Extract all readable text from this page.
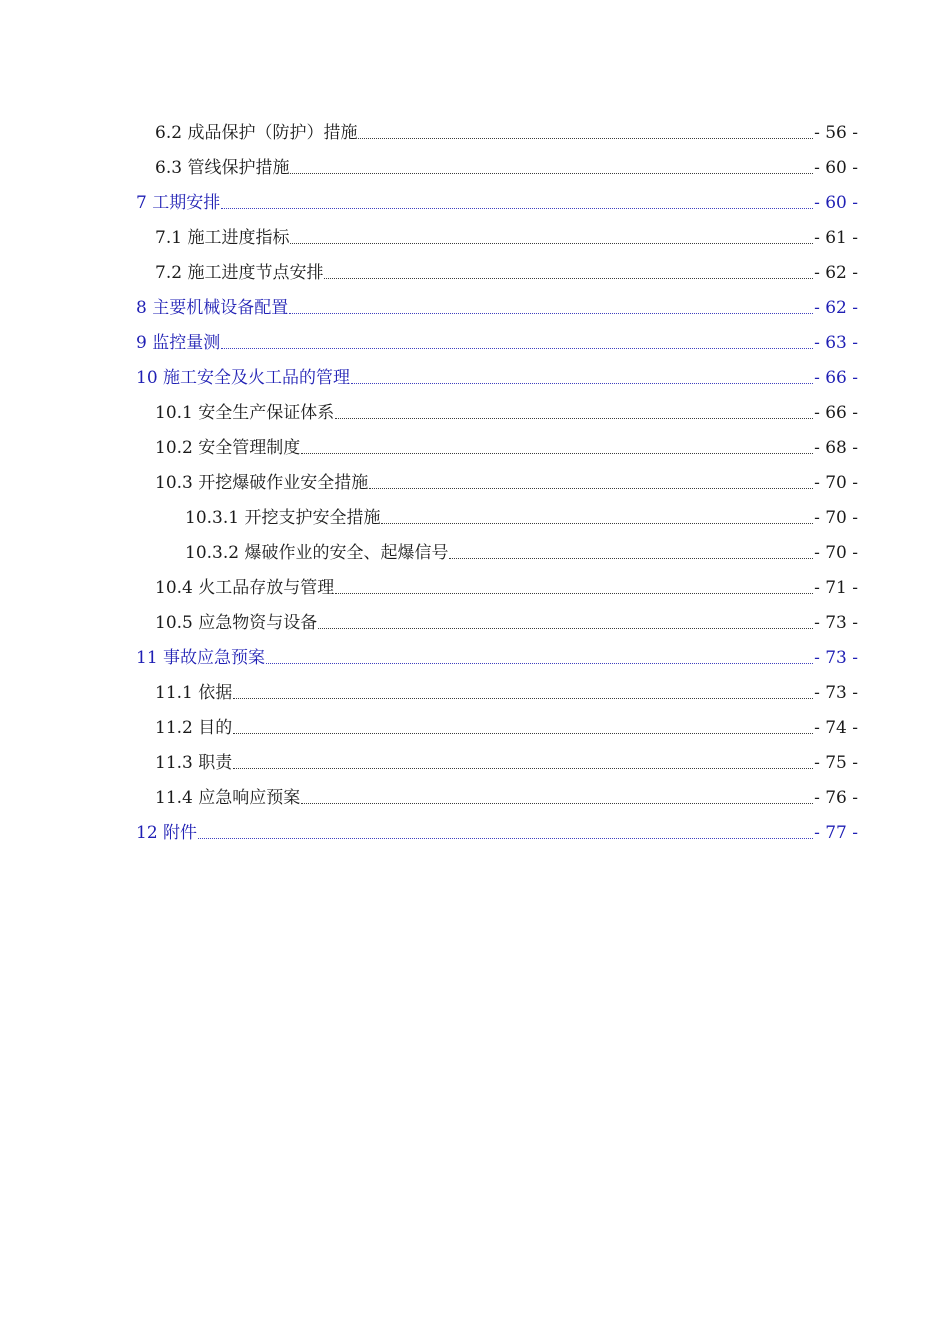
6.2 成品保护（防护）措施	- 56 -
6.3 管线保护措施	- 60 -
7 工期安排	- 60 -
7.1 施工进度指标	- 61 -
7.2 施工进度节点安排	- 62 -
8 主要机械设备配置	- 62 -
9 监控量测	- 63 -
10 施工安全及火工品的管理	- 66 -
10.1 安全生产保证体系	- 66 -
10.2 安全管理制度	- 68 -
10.3 开挖爆破作业安全措施	- 70 -
10.3.1 开挖支护安全措施	- 70 -
10.3.2 爆破作业的安全、起爆信号	- 70 -
10.4 火工品存放与管理	- 71 -
10.5 应急物资与设备	- 73 -
11 事故应急预案	- 73 -
11.1 依据	- 73 -
11.2 目的	- 74 -
11.3 职责	- 75 -
11.4 应急响应预案	- 76 -
12 附件	- 77 -
